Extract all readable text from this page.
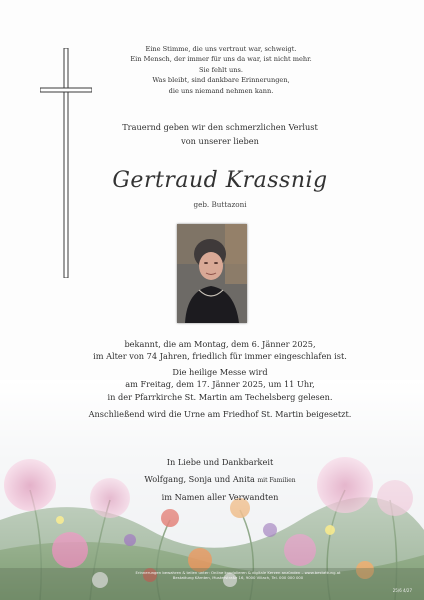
Eine Stimme, die uns vertraut war, schweigt.
Ein Mensch, der immer für uns da war, ist nicht mehr.
Sie fehlt uns.
Was bleibt, sind dankbare Erinnerungen,
die uns niemand nehmen kann.
Trauernd geben wir den schmerzlichen Verlust
von unserer lieben
Gertraud Krassnig
geb. Buttazoni
bekannt, die am Montag, dem 6. Jänner 2025,
im Alter von 74 Jahren, friedlich für immer eingeschlafen ist.
Die heilige Messe wird
am Freitag, dem 17. Jänner 2025, um 11 Uhr,
in der Pfarrkirche St. Martin am Techelsberg gelesen.
Anschließend wird die Urne am Friedhof St. Martin beigesetzt.
In Liebe und Dankbarkeit
Wolfgang, Sonja und Anita mit Familien
im Namen aller Verwandten
Erinnerungen bewahren & teilen unter: Online kondolieren & digitale Kerzen anzünden – www.bestattung.at
Bestattung Kärnten, Musterstraße 16, 9000 Villach, Tel. 000 000 000
25/6 4/27
